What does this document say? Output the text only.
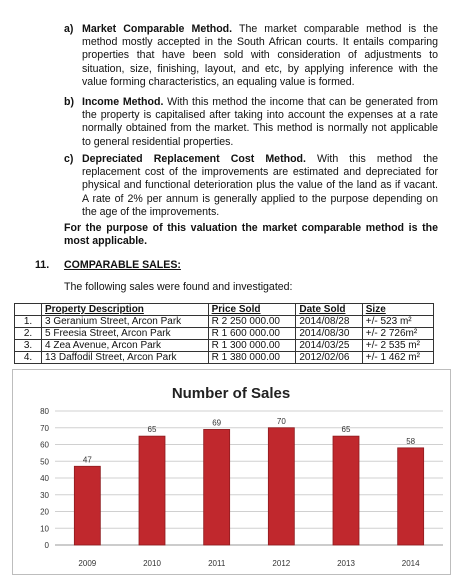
a) Market Comparable Method. The market comparable method is the method mostly accepted in the South African courts. It entails comparing properties that have been sold with consideration of adjustments to situation, size, finishing, layout, and etc, by applying inference with the value forming characteristics, an equaling value is formed.
b) Income Method. With this method the income that can be generated from the property is capitalised after taking into account the expenses at a rate normally obtained from the market. This method is normally not applicable to general residential properties.
c) Depreciated Replacement Cost Method. With this method the replacement cost of the improvements are estimated and depreciated for physical and functional deterioration plus the value of the land as if vacant. A rate of 2% per annum is generally applied to the purpose depending on the age of the improvements.
For the purpose of this valuation the market comparable method is the most applicable.
11. COMPARABLE SALES:
The following sales were found and investigated:
	Property Description	Price Sold	Date Sold	Size
1.	3 Geranium Street, Arcon Park	R 2 250 000.00	2014/08/28	+/- 523 m²
2.	5 Freesia Street, Arcon Park	R 1 600 000.00	2014/08/30	+/- 2 726m²
3.	4 Zea Avenue, Arcon Park	R 1 300 000.00	2014/03/25	+/- 2 535 m²
4.	13 Daffodil Street, Arcon Park	R 1 380 000.00	2012/02/06	+/- 1 462 m²
Number of Sales
0
10
20
30
40
50
60
70
80
47
2009
65
2010
69
2011
70
2012
65
2013
58
2014
